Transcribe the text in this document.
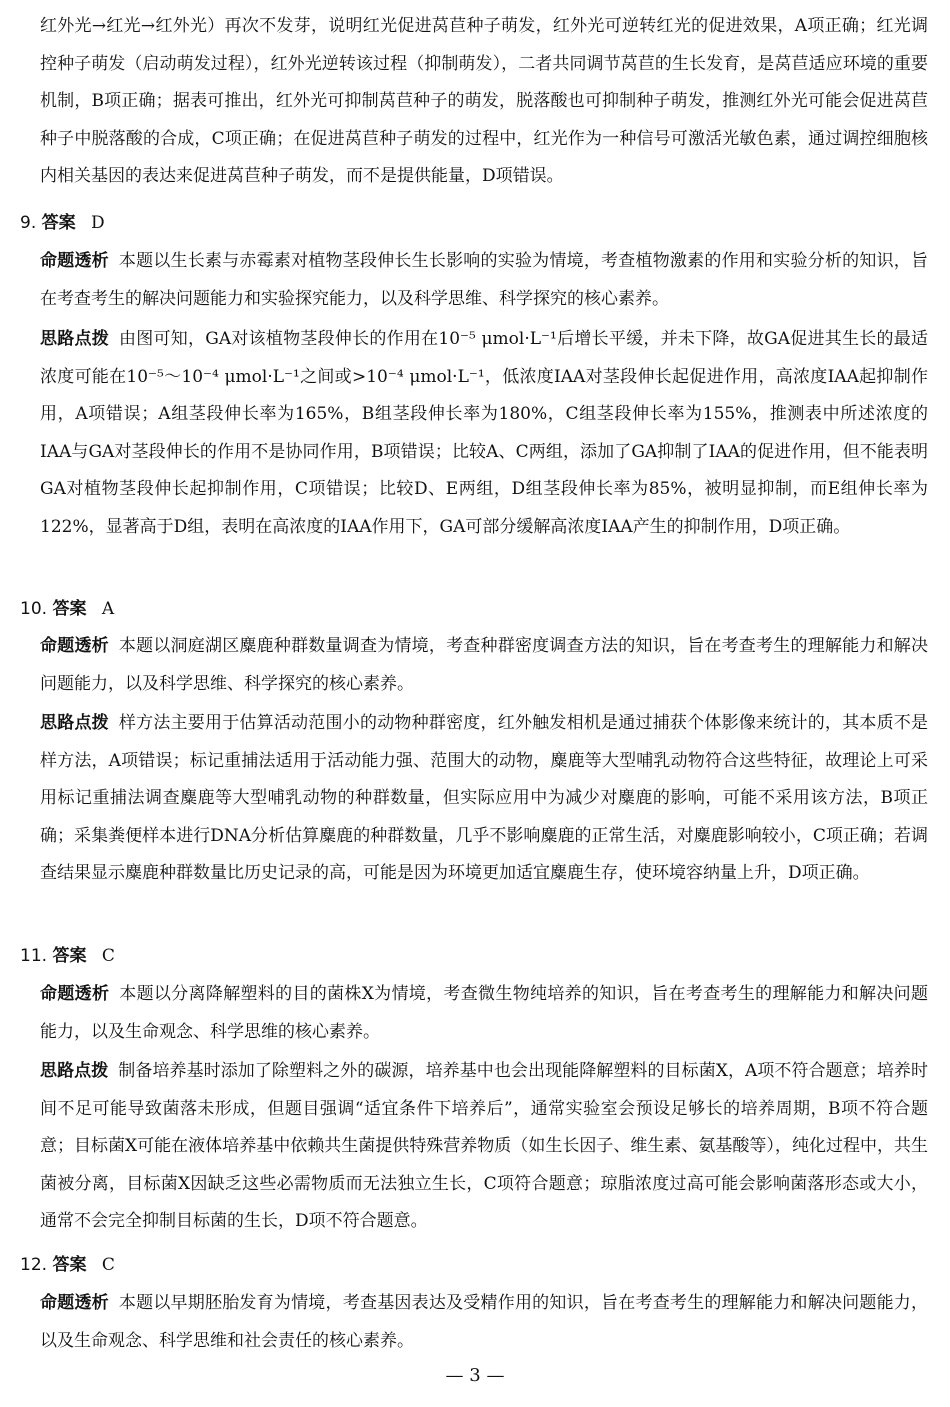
红外光→红光→红外光）再次不发芽，说明红光促进莴苣种子萌发，红外光可逆转红光的促进效果，A项正确；红光调控种子萌发（启动萌发过程），红外光逆转该过程（抑制萌发），二者共同调节莴苣的生长发育，是莴苣适应环境的重要机制，B项正确；据表可推出，红外光可抑制莴苣种子的萌发，脱落酸也可抑制种子萌发，推测红外光可能会促进莴苣种子中脱落酸的合成，C项正确；在促进莴苣种子萌发的过程中，红光作为一种信号可激活光敏色素，通过调控细胞核内相关基因的表达来促进莴苣种子萌发，而不是提供能量，D项错误。

9. 答案 D

命题透析 本题以生长素与赤霉素对植物茎段伸长生长影响的实验为情境，考查植物激素的作用和实验分析的知识，旨在考查考生的解决问题能力和实验探究能力，以及科学思维、科学探究的核心素养。

思路点拨 由图可知，GA对该植物茎段伸长的作用在10⁻⁵ μmol·L⁻¹后增长平缓，并未下降，故GA促进其生长的最适浓度可能在10⁻⁵～10⁻⁴ μmol·L⁻¹之间或>10⁻⁴ μmol·L⁻¹，低浓度IAA对茎段伸长起促进作用，高浓度IAA起抑制作用，A项错误；A组茎段伸长率为165%，B组茎段伸长率为180%，C组茎段伸长率为155%，推测表中所述浓度的IAA与GA对茎段伸长的作用不是协同作用，B项错误；比较A、C两组，添加了GA抑制了IAA的促进作用，但不能表明GA对植物茎段伸长起抑制作用，C项错误；比较D、E两组，D组茎段伸长率为85%，被明显抑制，而E组伸长率为122%，显著高于D组，表明在高浓度的IAA作用下，GA可部分缓解高浓度IAA产生的抑制作用，D项正确。

10. 答案 A

命题透析 本题以洞庭湖区麋鹿种群数量调查为情境，考查种群密度调查方法的知识，旨在考查考生的理解能力和解决问题能力，以及科学思维、科学探究的核心素养。

思路点拨 样方法主要用于估算活动范围小的动物种群密度，红外触发相机是通过捕获个体影像来统计的，其本质不是样方法，A项错误；标记重捕法适用于活动能力强、范围大的动物，麋鹿等大型哺乳动物符合这些特征，故理论上可采用标记重捕法调查麋鹿等大型哺乳动物的种群数量，但实际应用中为减少对麋鹿的影响，可能不采用该方法，B项正确；采集粪便样本进行DNA分析估算麋鹿的种群数量，几乎不影响麋鹿的正常生活，对麋鹿影响较小，C项正确；若调查结果显示麋鹿种群数量比历史记录的高，可能是因为环境更加适宜麋鹿生存，使环境容纳量上升，D项正确。

11. 答案 C

命题透析 本题以分离降解塑料的目的菌株X为情境，考查微生物纯培养的知识，旨在考查考生的理解能力和解决问题能力，以及生命观念、科学思维的核心素养。

思路点拨 制备培养基时添加了除塑料之外的碳源，培养基中也会出现能降解塑料的目标菌X，A项不符合题意；培养时间不足可能导致菌落未形成，但题目强调“适宜条件下培养后”，通常实验室会预设足够长的培养周期，B项不符合题意；目标菌X可能在液体培养基中依赖共生菌提供特殊营养物质（如生长因子、维生素、氨基酸等），纯化过程中，共生菌被分离，目标菌X因缺乏这些必需物质而无法独立生长，C项符合题意；琼脂浓度过高可能会影响菌落形态或大小，通常不会完全抑制目标菌的生长，D项不符合题意。

12. 答案 C

命题透析 本题以早期胚胎发育为情境，考查基因表达及受精作用的知识，旨在考查考生的理解能力和解决问题能力，以及生命观念、科学思维和社会责任的核心素养。

— 3 —
